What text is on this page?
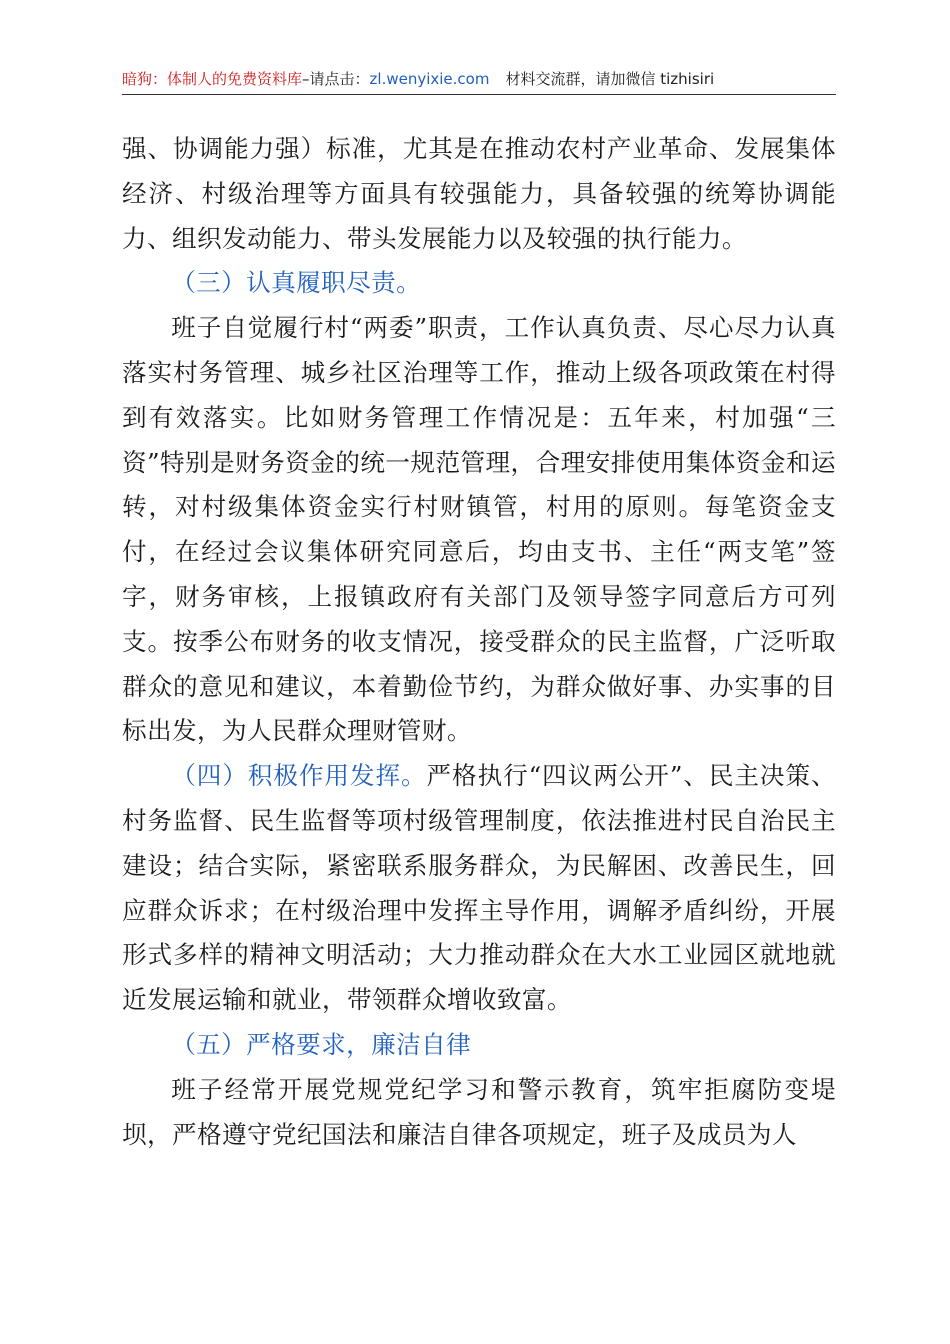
暗狗：体制人的免费资料库–请点击：zl.wenyixie.com 材料交流群，请加微信 tizhisiri

强、协调能力强）标准，尤其是在推动农村产业革命、发展集体经济、村级治理等方面具有较强能力，具备较强的统筹协调能力、组织发动能力、带头发展能力以及较强的执行能力。

（三）认真履职尽责。

班子自觉履行村“两委”职责，工作认真负责、尽心尽力认真落实村务管理、城乡社区治理等工作，推动上级各项政策在村得到有效落实。比如财务管理工作情况是：五年来，村加强“三资”特别是财务资金的统一规范管理，合理安排使用集体资金和运转，对村级集体资金实行村财镇管，村用的原则。每笔资金支付，在经过会议集体研究同意后，均由支书、主任“两支笔”签字，财务审核，上报镇政府有关部门及领导签字同意后方可列支。按季公布财务的收支情况，接受群众的民主监督，广泛听取群众的意见和建议，本着勤俭节约，为群众做好事、办实事的目标出发，为人民群众理财管财。

（四）积极作用发挥。严格执行“四议两公开”、民主决策、村务监督、民生监督等项村级管理制度，依法推进村民自治民主建设；结合实际，紧密联系服务群众，为民解困、改善民生，回应群众诉求；在村级治理中发挥主导作用，调解矛盾纠纷，开展形式多样的精神文明活动；大力推动群众在大水工业园区就地就近发展运输和就业，带领群众增收致富。

（五）严格要求，廉洁自律

班子经常开展党规党纪学习和警示教育，筑牢拒腐防变堤坝，严格遵守党纪国法和廉洁自律各项规定，班子及成员为人
